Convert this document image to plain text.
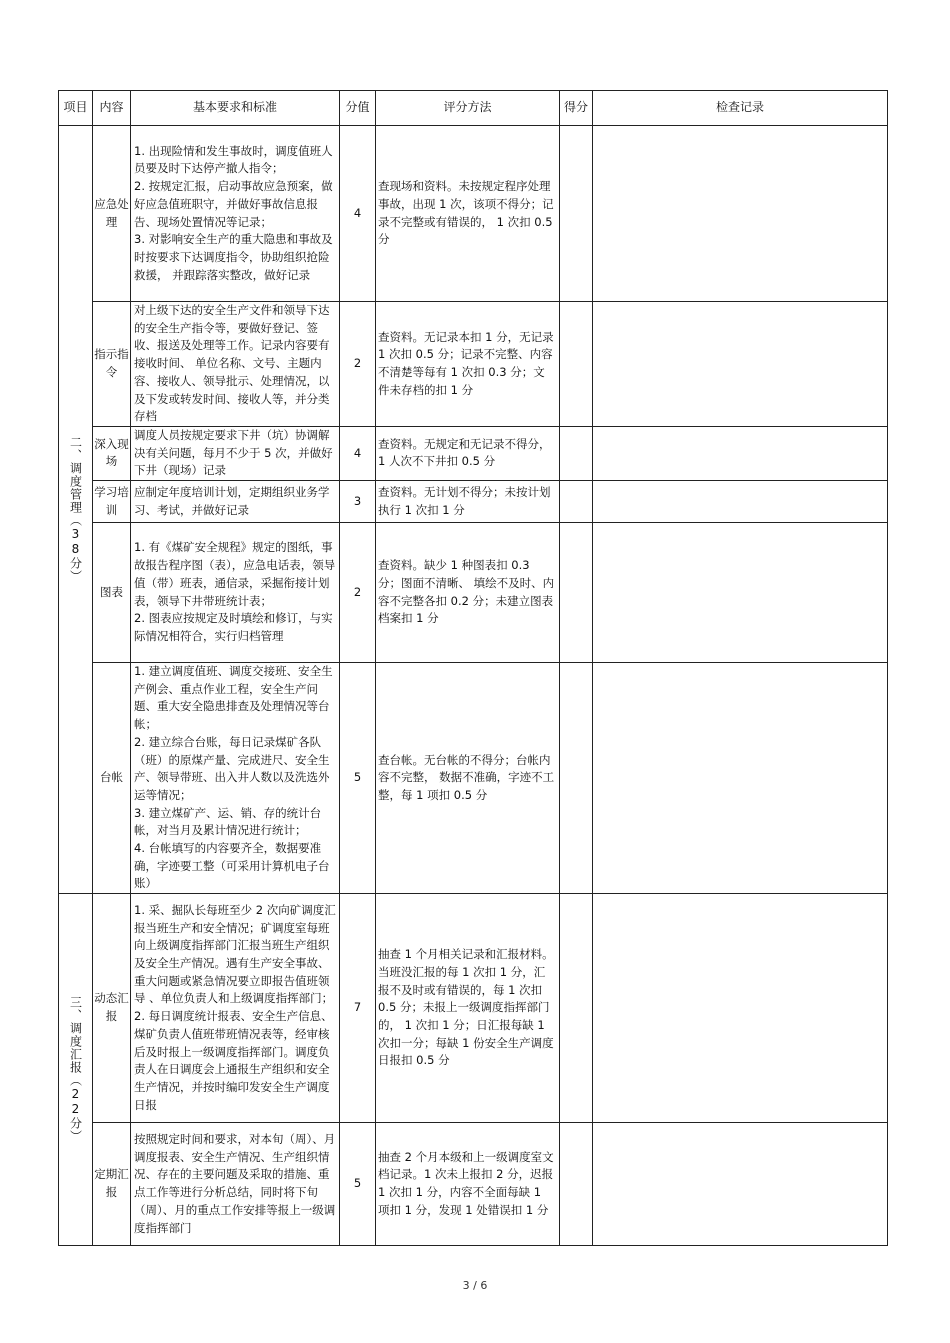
项目	内容	基本要求和标准	分值	评分方法	得分	检查记录

二、调度管理（38分）	应急处理	1. 出现险情和发生事故时，调度值班人员要及时下达停产撤人指令；
2. 按规定汇报，启动事故应急预案，做好应急值班职守，并做好事故信息报告、现场处置情况等记录；
3. 对影响安全生产的重大隐患和事故及时按要求下达调度指令，协助组织抢险救援， 并跟踪落实整改，做好记录	4	查现场和资料。未按规定程序处理事故，出现 1 次，该项不得分；记录不完整或有错误的， 1 次扣 0.5 分		

	指示指令	对上级下达的安全生产文件和领导下达的安全生产指令等，要做好登记、签收、报送及处理等工作。记录内容要有接收时间、 单位名称、文号、主题内容、接收人、领导批示、处理情况，以及下发或转发时间、接收人等，并分类存档	2	查资料。无记录本扣 1 分，无记录 1 次扣 0.5 分；记录不完整、内容不清楚等每有 1 次扣 0.3 分；文件未存档的扣 1 分		

	深入现场	调度人员按规定要求下井（坑）协调解决有关问题，每月不少于 5 次，并做好下井（现场）记录	4	查资料。无规定和无记录不得分， 1 人次不下井扣 0.5 分		

	学习培训	应制定年度培训计划，定期组织业务学习、考试，并做好记录	3	查资料。无计划不得分；未按计划执行 1 次扣 1 分		

	图表	1. 有《煤矿安全规程》规定的图纸，事故报告程序图（表），应急电话表，领导值（带）班表，通信录，采掘衔接计划表，领导下井带班统计表；
2. 图表应按规定及时填绘和修订，与实际情况相符合，实行归档管理	2	查资料。缺少 1 种图表扣 0.3 分；图面不清晰、 填绘不及时、内容不完整各扣 0.2 分；未建立图表档案扣 1 分		

	台帐	1. 建立调度值班、调度交接班、安全生产例会、重点作业工程，安全生产问题、重大安全隐患排查及处理情况等台帐；
2. 建立综合台账，每日记录煤矿各队（班）的原煤产量、完成进尺、安全生产、领导带班、出入井人数以及洗选外运等情况；
3. 建立煤矿产、运、销、存的统计台帐，对当月及累计情况进行统计；
4. 台帐填写的内容要齐全，数据要准确，字迹要工整（可采用计算机电子台账）	5	查台帐。无台帐的不得分；台帐内容不完整， 数据不准确，字迹不工整，每 1 项扣 0.5 分		

三、调度汇报（22分）	动态汇报	1. 采、掘队长每班至少 2 次向矿调度汇报当班生产和安全情况；矿调度室每班向上级调度指挥部门汇报当班生产组织及安全生产情况。遇有生产安全事故、重大问题或紧急情况要立即报告值班领导 、单位负责人和上级调度指挥部门；
2. 每日调度统计报表、安全生产信息、煤矿负责人值班带班情况表等，经审核后及时报上一级调度指挥部门。调度负责人在日调度会上通报生产组织和安全生产情况，并按时编印发安全生产调度日报	7	抽查 1 个月相关记录和汇报材料。当班没汇报的每 1 次扣 1 分，汇报不及时或有错误的，每 1 次扣 0.5 分；未报上一级调度指挥部门的， 1 次扣 1 分；日汇报每缺 1 次扣一分；每缺 1 份安全生产调度日报扣 0.5 分		

	定期汇报	按照规定时间和要求，对本旬（周）、月调度报表、安全生产情况、生产组织情况、存在的主要问题及采取的措施、重点工作等进行分析总结，同时将下旬（周）、月的重点工作安排等报上一级调度指挥部门	5	抽查 2 个月本级和上一级调度室文档记录。1 次未上报扣 2 分，迟报 1 次扣 1 分，内容不全面每缺 1 项扣 1 分，发现 1 处错误扣 1 分		

3 / 6
